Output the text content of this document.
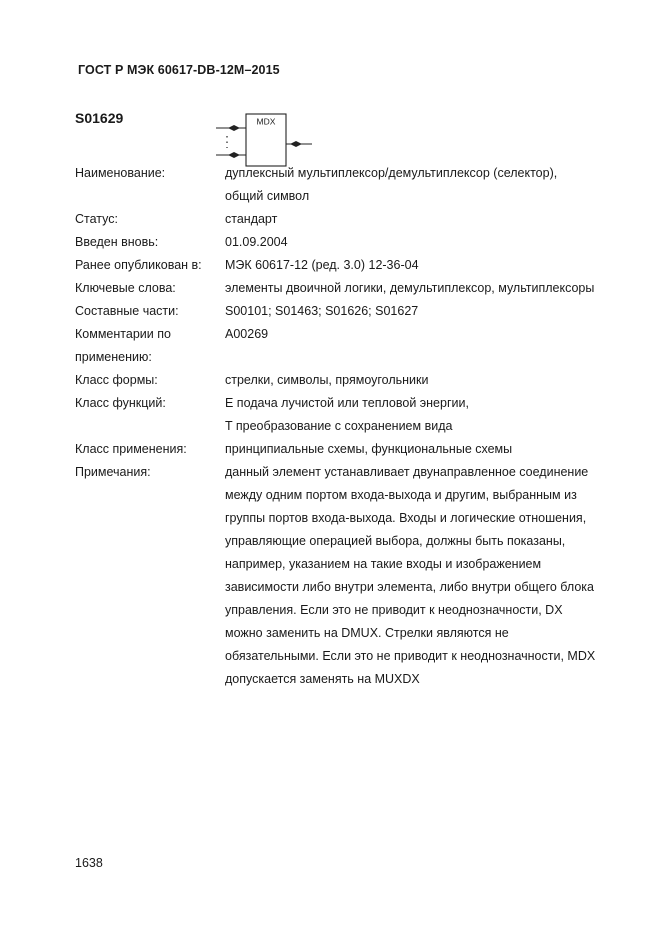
ГОСТ Р МЭК 60617-DB-12M–2015
S01629	MDX
Наименование:	дуплексный мультиплексор/демультиплексор (селектор),
общий символ
Статус:	стандарт
Введен вновь:	01.09.2004
Ранее опубликован в:	МЭК 60617-12 (ред. 3.0) 12-36-04
Ключевые слова:	элементы двоичной логики, демультиплексор, мультиплексоры
Составные части:	S00101; S01463; S01626; S01627
Комментарии по применению:
A00269
Класс формы:	стрелки, символы, прямоугольники
Класс функций:	E подача лучистой или тепловой энергии,
T преобразование с сохранением вида
Класс применения:	принципиальные схемы, функциональные схемы
Примечания:	данный элемент устанавливает двунаправленное соединение
между одним портом входа-выхода и другим, выбранным из
группы портов входа-выхода. Входы и логические отношения,
управляющие операцией выбора, должны быть показаны,
например, указанием на такие входы и изображением
зависимости либо внутри элемента, либо внутри общего блока
управления. Если это не приводит к неоднозначности, DX
можно заменить на DMUX. Стрелки являются не
обязательными. Если это не приводит к неоднозначности, MDX
допускается заменять на MUXDX
1638
